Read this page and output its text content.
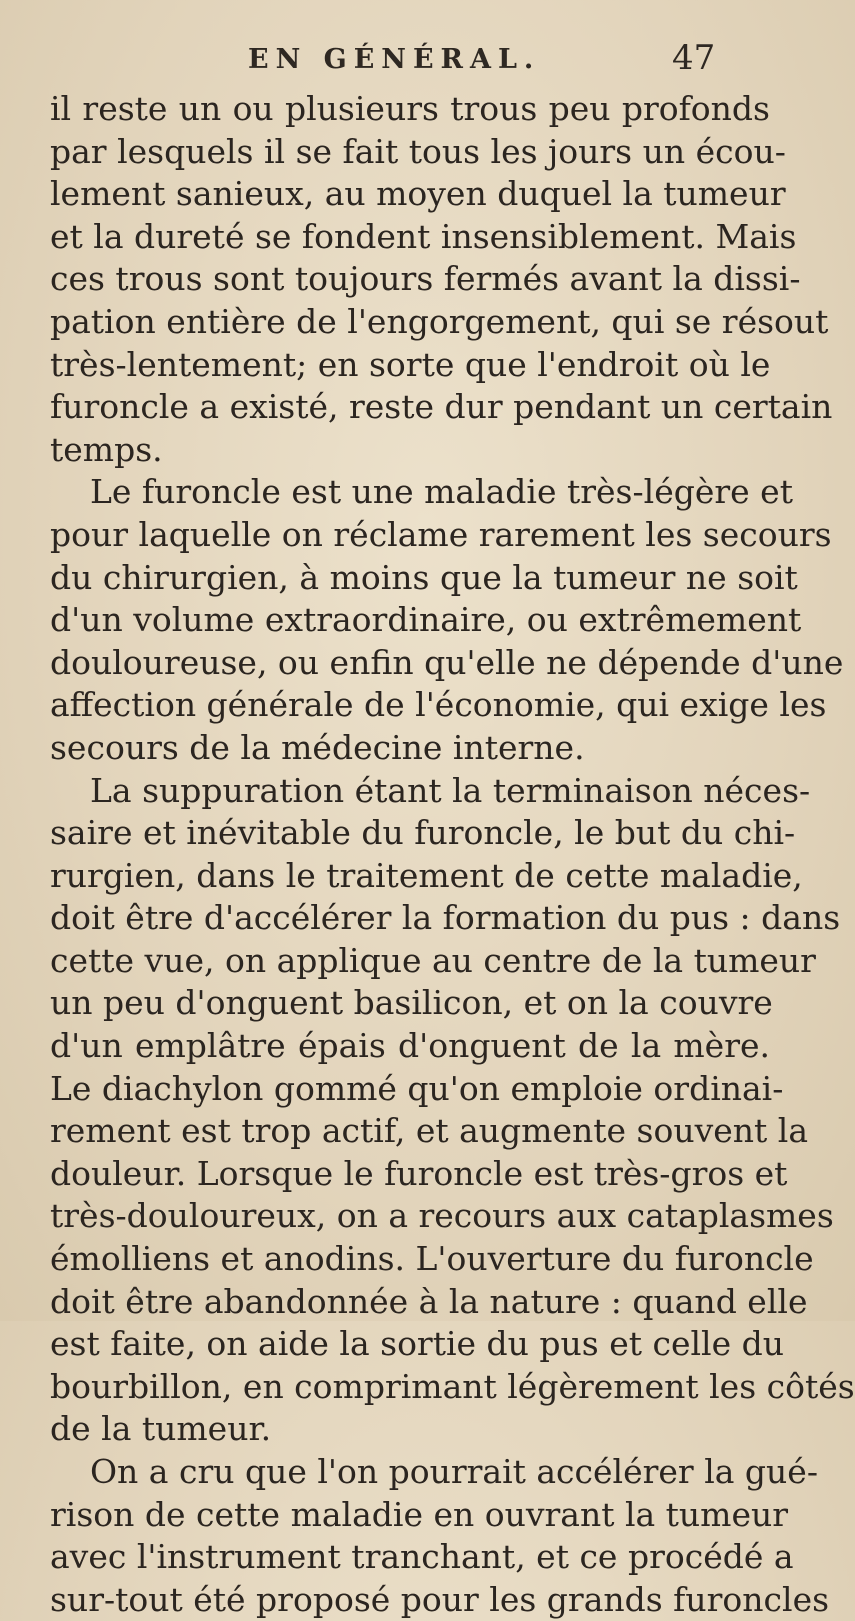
EN GÉNÉRAL.	47
il reste un ou plusieurs trous peu profonds
par lesquels il se fait tous les jours un écou-
lement sanieux, au moyen duquel la tumeur
et la dureté se fondent insensiblement. Mais
ces trous sont toujours fermés avant la dissi-
pation entière de l'engorgement, qui se résout
très-lentement; en sorte que l'endroit où le
furoncle a existé, reste dur pendant un certain
temps.
Le furoncle est une maladie très-légère et
pour laquelle on réclame rarement les secours
du chirurgien, à moins que la tumeur ne soit
d'un volume extraordinaire, ou extrêmement
douloureuse, ou enfin qu'elle ne dépende d'une
affection générale de l'économie, qui exige les
secours de la médecine interne.
La suppuration étant la terminaison néces-
saire et inévitable du furoncle, le but du chi-
rurgien, dans le traitement de cette maladie,
doit être d'accélérer la formation du pus : dans
cette vue, on applique au centre de la tumeur
un peu d'onguent basilicon, et on la couvre
d'un emplâtre épais d'onguent de la mère.
Le diachylon gommé qu'on emploie ordinai-
rement est trop actif, et augmente souvent la
douleur. Lorsque le furoncle est très-gros et
très-douloureux, on a recours aux cataplasmes
émolliens et anodins. L'ouverture du furoncle
doit être abandonnée à la nature : quand elle
est faite, on aide la sortie du pus et celle du
bourbillon, en comprimant légèrement les côtés
de la tumeur.
On a cru que l'on pourrait accélérer la gué-
rison de cette maladie en ouvrant la tumeur
avec l'instrument tranchant, et ce procédé a
sur-tout été proposé pour les grands furoncles
